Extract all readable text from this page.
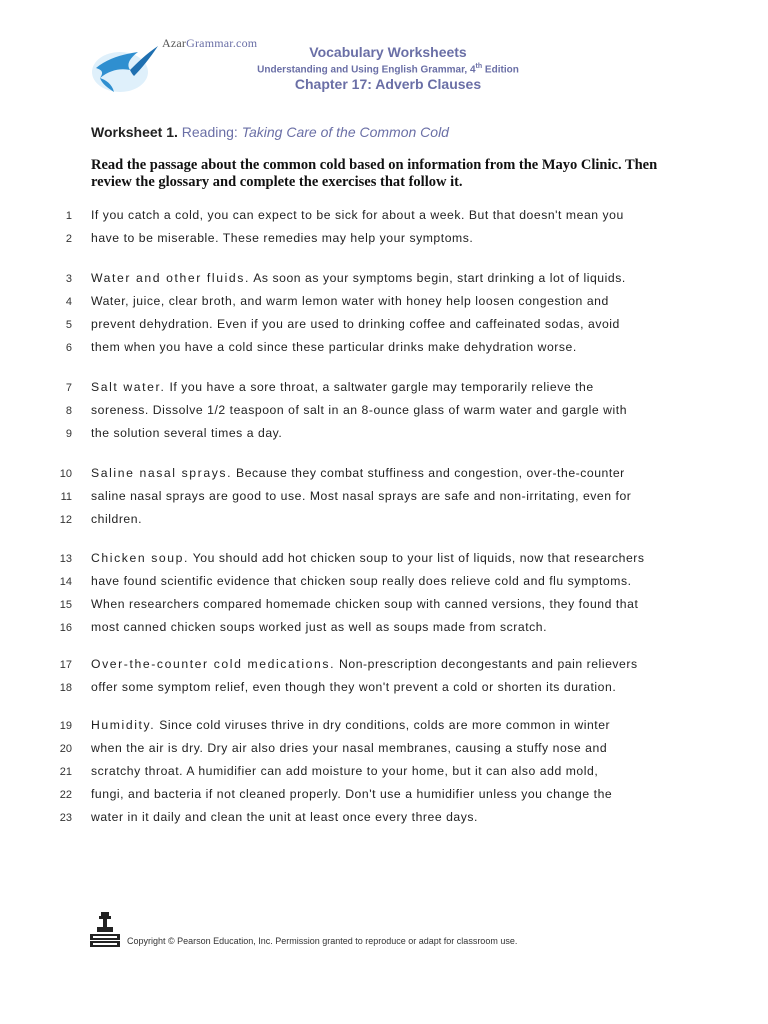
AzarGrammar.com
Vocabulary Worksheets
Understanding and Using English Grammar, 4th Edition
Chapter 17: Adverb Clauses
Worksheet 1. Reading: Taking Care of the Common Cold
Read the passage about the common cold based on information from the Mayo Clinic. Then review the glossary and complete the exercises that follow it.
1 If you catch a cold, you can expect to be sick for about a week. But that doesn't mean you
2 have to be miserable. These remedies may help your symptoms.
3 Water and other fluids. As soon as your symptoms begin, start drinking a lot of liquids.
4 Water, juice, clear broth, and warm lemon water with honey help loosen congestion and
5 prevent dehydration. Even if you are used to drinking coffee and caffeinated sodas, avoid
6 them when you have a cold since these particular drinks make dehydration worse.
7 Salt water. If you have a sore throat, a saltwater gargle may temporarily relieve the
8 soreness. Dissolve 1/2 teaspoon of salt in an 8-ounce glass of warm water and gargle with
9 the solution several times a day.
10 Saline nasal sprays. Because they combat stuffiness and congestion, over-the-counter
11 saline nasal sprays are good to use. Most nasal sprays are safe and non-irritating, even for
12 children.
13 Chicken soup. You should add hot chicken soup to your list of liquids, now that researchers
14 have found scientific evidence that chicken soup really does relieve cold and flu symptoms.
15 When researchers compared homemade chicken soup with canned versions, they found that
16 most canned chicken soups worked just as well as soups made from scratch.
17 Over-the-counter cold medications. Non-prescription decongestants and pain relievers
18 offer some symptom relief, even though they won't prevent a cold or shorten its duration.
19 Humidity. Since cold viruses thrive in dry conditions, colds are more common in winter
20 when the air is dry. Dry air also dries your nasal membranes, causing a stuffy nose and
21 scratchy throat. A humidifier can add moisture to your home, but it can also add mold,
22 fungi, and bacteria if not cleaned properly. Don't use a humidifier unless you change the
23 water in it daily and clean the unit at least once every three days.
Copyright © Pearson Education, Inc. Permission granted to reproduce or adapt for classroom use.
